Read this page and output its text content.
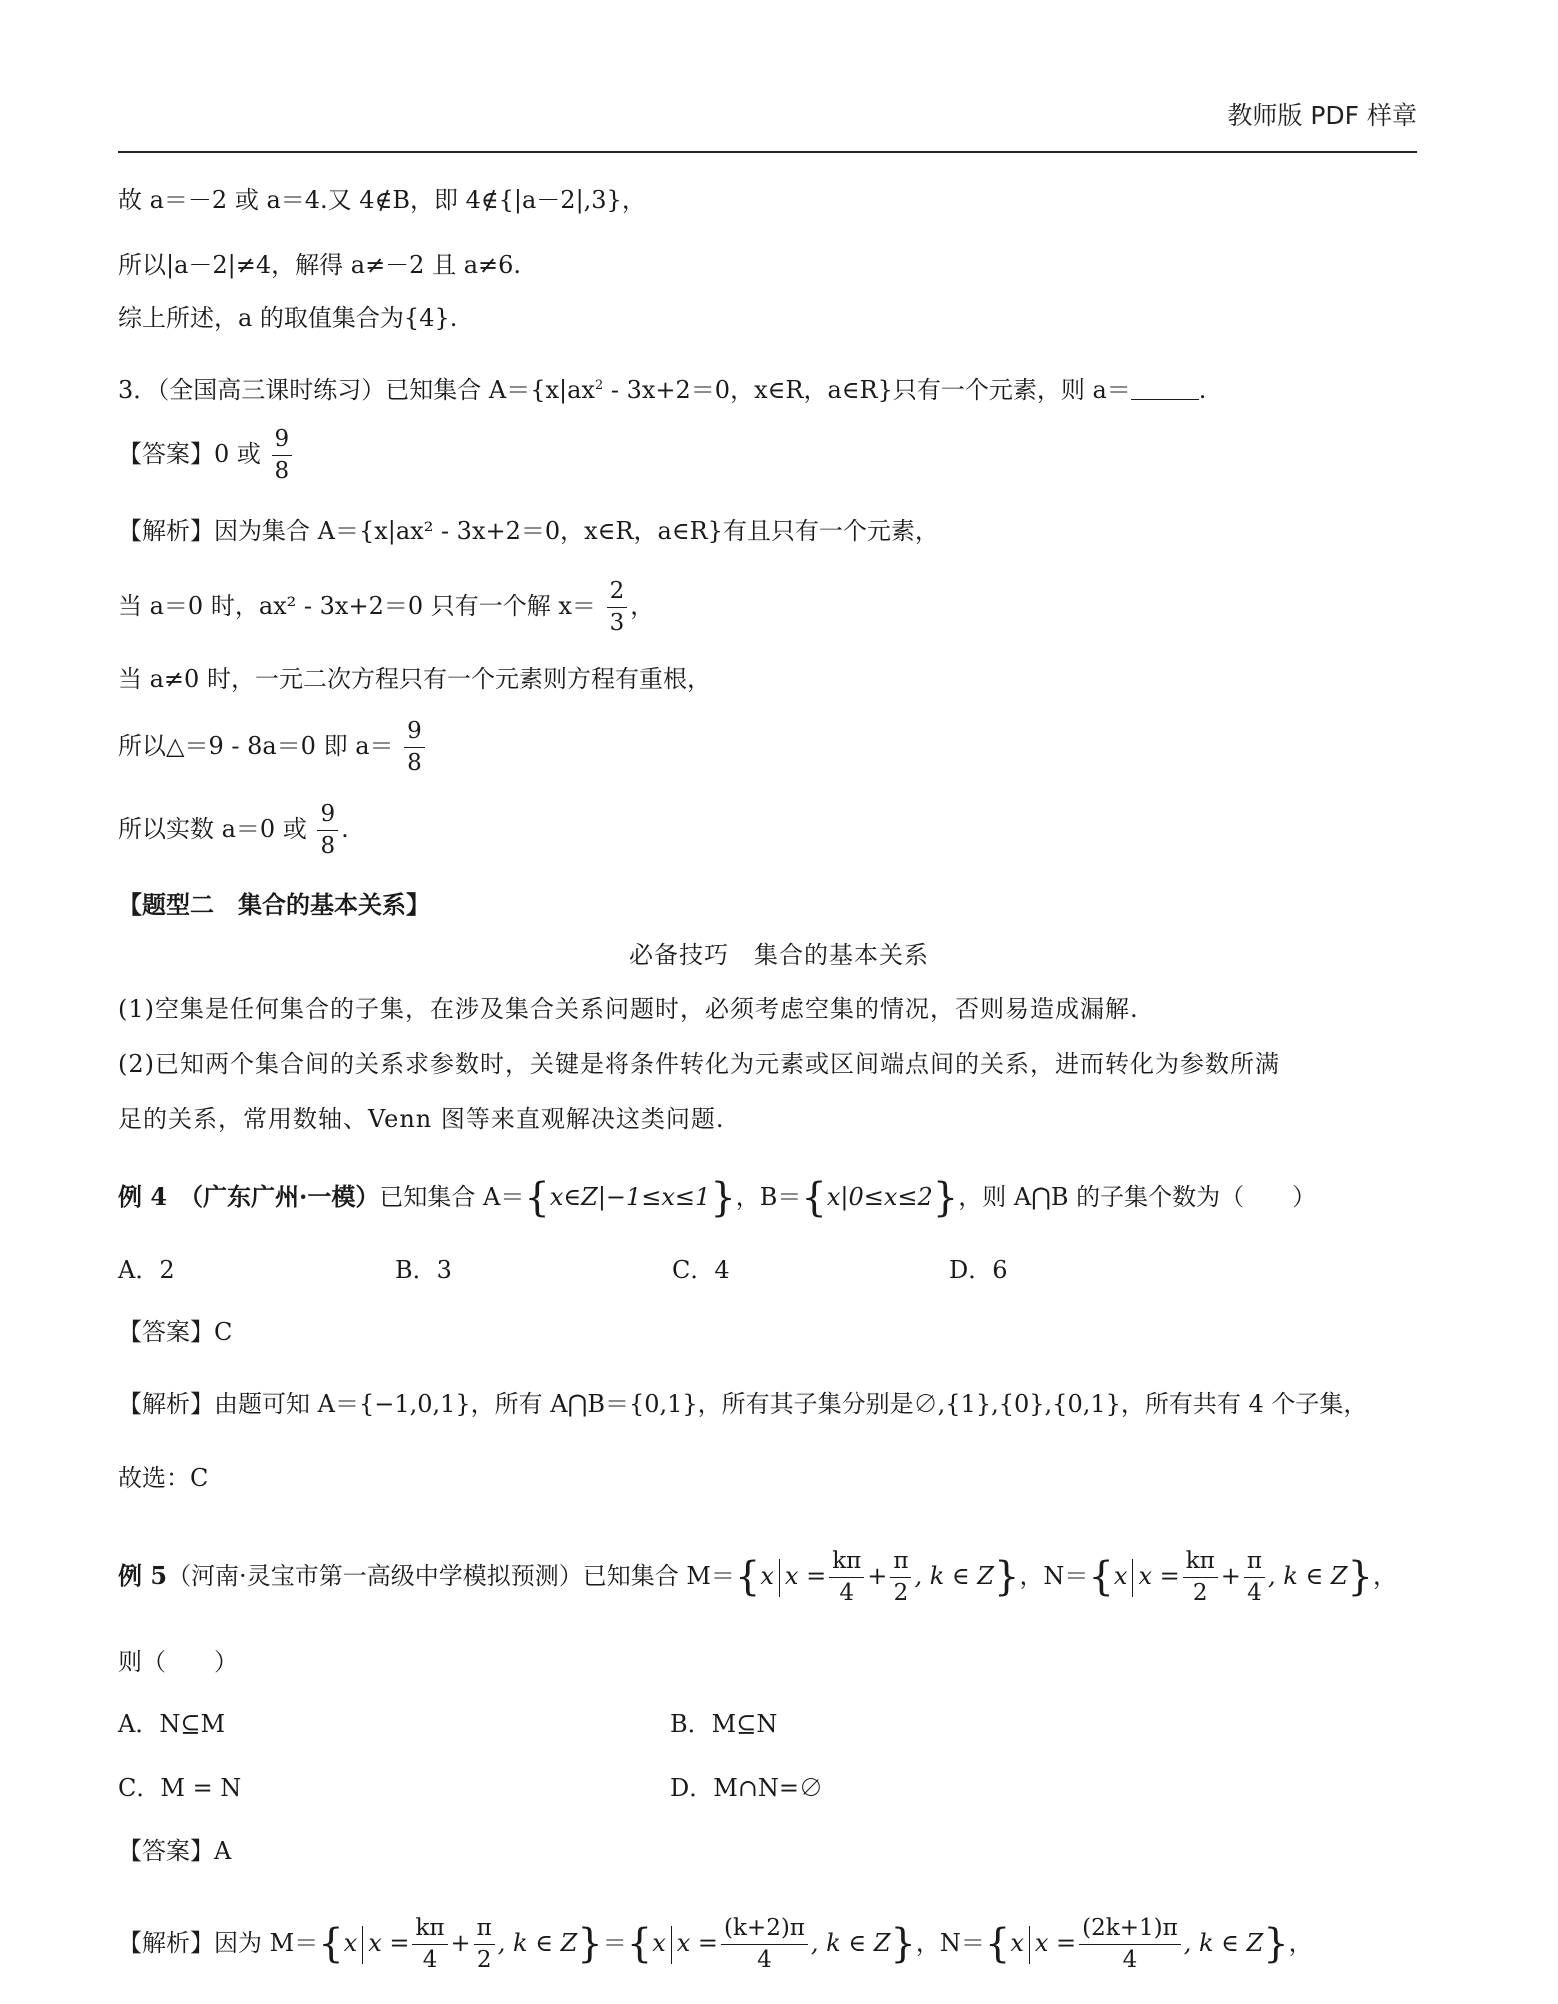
教师版 PDF 样章
故 a＝－2 或 a＝4.又 4∉B，即 4∉{|a－2|,3}，
所以|a－2|≠4，解得 a≠－2 且 a≠6.
综上所述，a 的取值集合为{4}.
3．（全国高三课时练习）已知集合 $A=\{x|ax^2 - 3x+2=0$，x∈R，a∈R}只有一个元素，则 a＝	.
【答案】0 或 $\frac{9}{8}$
【解析】因为集合 A＝{x|ax² - 3x+2＝0，x∈R，a∈R}有且只有一个元素，
当 a＝0 时，ax² - 3x+2＝0 只有一个解 $x= \frac{2}{3}$ ，
当 a≠0 时，一元二次方程只有一个元素则方程有重根，
所以△＝9 - 8a＝0 即 $a= \frac{9}{8}$
所以实数 a＝0 或 $\frac{9}{8}$ .
【题型二　集合的基本关系】
必备技巧　集合的基本关系
(1)空集是任何集合的子集，在涉及集合关系问题时，必须考虑空集的情况，否则易造成漏解.
(2)已知两个集合间的关系求参数时，关键是将条件转化为元素或区间端点间的关系，进而转化为参数所满
足的关系，常用数轴、Venn 图等来直观解决这类问题.
例 4　（广东广州·一模）已知集合 A＝{x∈Z|−1≤x≤1}，B＝{x|0≤x≤2}，则 A⋂B 的子集个数为（　　）
A．2	B．3	C．4	D．6
【答案】C
【解析】由题可知 A＝{−1,0,1}，所有 A⋂B＝{0,1}，所有其子集分别是∅,{1},{0},{0,1}，所有共有 4 个子集，
故选：C
例 5（河南·灵宝市第一高级中学模拟预测）已知集合 M＝{x $x = \frac{k\pi}{4} + \frac{\pi}{2}$ , k ∈ Z}，N＝{x $x = \frac{k\pi}{2} + \frac{\pi}{4}$ , k ∈ Z}，
则（　　）
A．N⊆M	B．M⊆N
C．M = N	D．M∩N=∅
【答案】A
【解析】因为 M＝{x $x = \frac{k\pi}{4} + \frac{\pi}{2}$ , k ∈ Z}＝{x $x = \frac{(k+2)\pi}{4}$ , k ∈ Z}，N＝{x $x = \frac{(2k+1)\pi}{4}$ , k ∈ Z}，
